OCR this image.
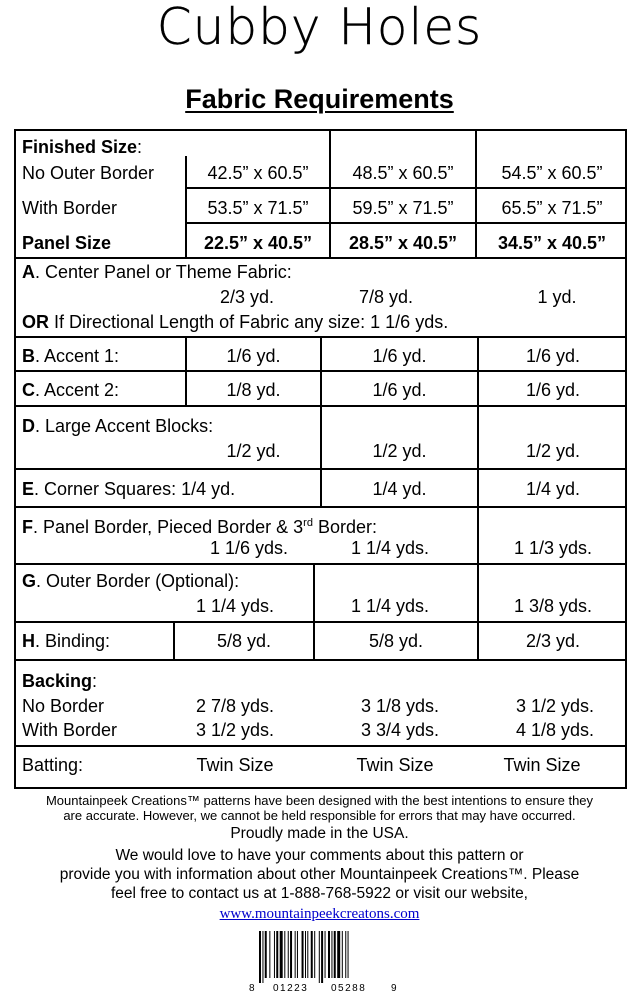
Cubby Holes
Fabric Requirements
Finished Size:
No Outer Border	42.5” x 60.5”	48.5” x 60.5”	54.5” x 60.5”
With Border	53.5” x 71.5”	59.5” x 71.5”	65.5” x 71.5”
Panel Size	22.5” x 40.5”	28.5” x 40.5”	34.5” x 40.5”
A. Center Panel or Theme Fabric:
2/3 yd.	7/8 yd.	1 yd.
OR If Directional Length of Fabric any size: 1 1/6 yds.
B. Accent 1:	1/6 yd.	1/6 yd.	1/6 yd.
C. Accent 2:	1/8 yd.	1/6 yd.	1/6 yd.
D. Large Accent Blocks:
1/2 yd.	1/2 yd.	1/2 yd.
E. Corner Squares: 1/4 yd.	1/4 yd.	1/4 yd.
F. Panel Border, Pieced Border & 3rd Border:
1 1/6 yds.	1 1/4 yds.	1 1/3 yds.
G. Outer Border (Optional):
1 1/4 yds.	1 1/4 yds.	1 3/8 yds.
H. Binding:	5/8 yd.	5/8 yd.	2/3 yd.
Backing:
No Border	2 7/8 yds.	3 1/8 yds.	3 1/2 yds.
With Border	3 1/2 yds.	3 3/4 yds.	4 1/8 yds.
Batting:	Twin Size	Twin Size	Twin Size
Mountainpeek Creations™ patterns have been designed with the best intentions to ensure they
are accurate. However, we cannot be held responsible for errors that may have occurred.
Proudly made in the USA.
We would love to have your comments about this pattern or
provide you with information about other Mountainpeek Creations™. Please
feel free to contact us at 1-888-768-5922 or visit our website,
www.mountainpeekcreatons.com
8 01223 05288 9
